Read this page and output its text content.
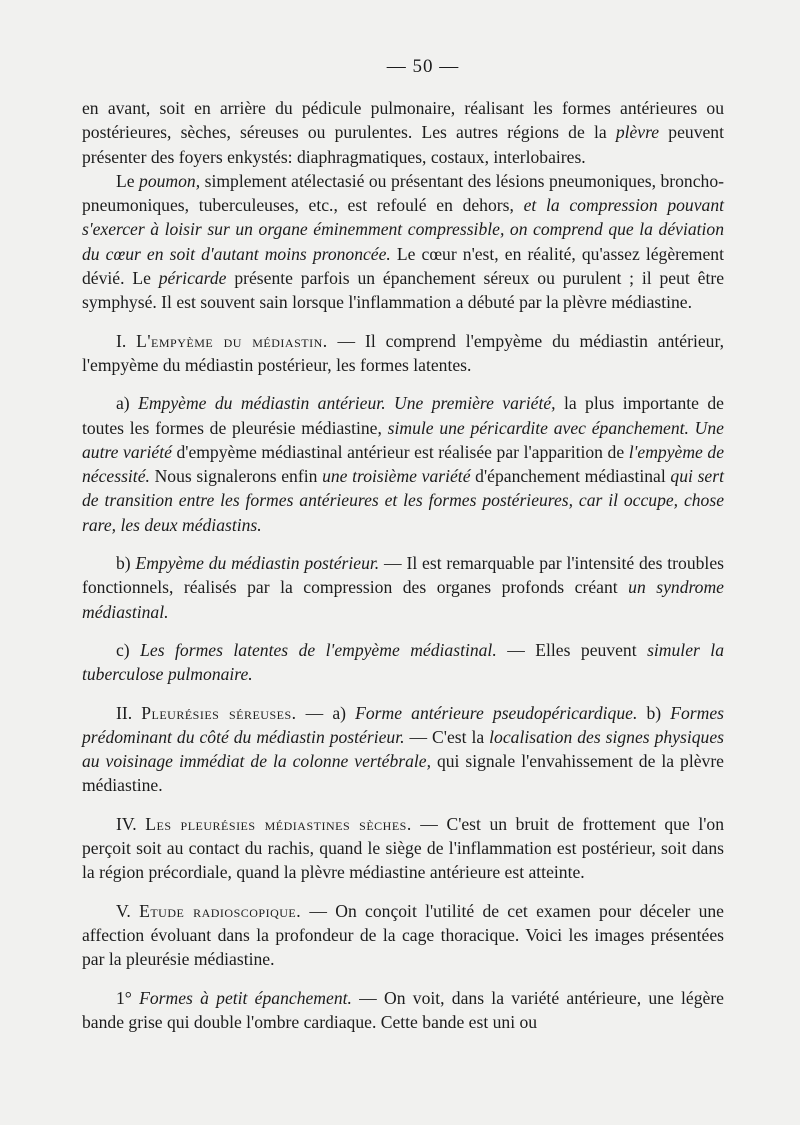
— 50 —

en avant, soit en arrière du pédicule pulmonaire, réalisant les formes antérieures ou postérieures, sèches, séreuses ou purulentes. Les autres régions de la plèvre peuvent présenter des foyers enkystés: diaphragmatiques, costaux, interlobaires.

Le poumon, simplement atélectasié ou présentant des lésions pneumoniques, broncho-pneumoniques, tuberculeuses, etc., est refoulé en dehors, et la compression pouvant s'exercer à loisir sur un organe éminemment compressible, on comprend que la déviation du cœur en soit d'autant moins prononcée. Le cœur n'est, en réalité, qu'assez légèrement dévié. Le péricarde présente parfois un épanchement séreux ou purulent ; il peut être symphysé. Il est souvent sain lorsque l'inflammation a débuté par la plèvre médiastine.

I. L'empyème du médiastin. — Il comprend l'empyème du médiastin antérieur, l'empyème du médiastin postérieur, les formes latentes.

a) Empyème du médiastin antérieur. Une première variété, la plus importante de toutes les formes de pleurésie médiastine, simule une péricardite avec épanchement. Une autre variété d'empyème médiastinal antérieur est réalisée par l'apparition de l'empyème de nécessité. Nous signalerons enfin une troisième variété d'épanchement médiastinal qui sert de transition entre les formes antérieures et les formes postérieures, car il occupe, chose rare, les deux médiastins.

b) Empyème du médiastin postérieur. — Il est remarquable par l'intensité des troubles fonctionnels, réalisés par la compression des organes profonds créant un syndrome médiastinal.

c) Les formes latentes de l'empyème médiastinal. — Elles peuvent simuler la tuberculose pulmonaire.

II. Pleurésies séreuses. — a) Forme antérieure pseudopéricardique. b) Formes prédominant du côté du médiastin postérieur. — C'est la localisation des signes physiques au voisinage immédiat de la colonne vertébrale, qui signale l'envahissement de la plèvre médiastine.

IV. Les pleurésies médiastines sèches. — C'est un bruit de frottement que l'on perçoit soit au contact du rachis, quand le siège de l'inflammation est postérieur, soit dans la région précordiale, quand la plèvre médiastine antérieure est atteinte.

V. Etude radioscopique. — On conçoit l'utilité de cet examen pour déceler une affection évoluant dans la profondeur de la cage thoracique. Voici les images présentées par la pleurésie médiastine.

1° Formes à petit épanchement. — On voit, dans la variété antérieure, une légère bande grise qui double l'ombre cardiaque. Cette bande est uni ou
